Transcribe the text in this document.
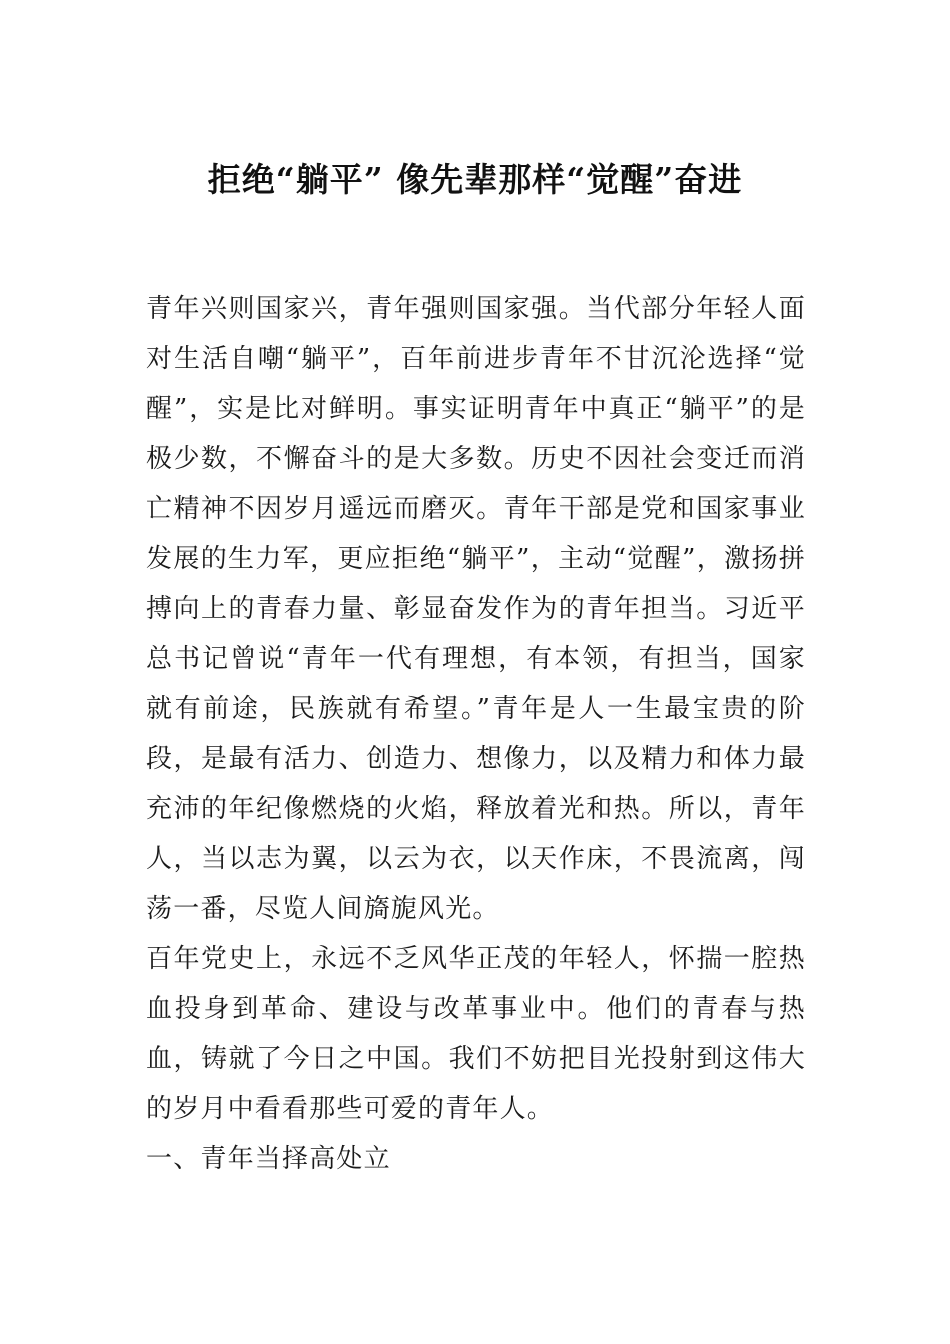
拒绝“躺平” 像先辈那样“觉醒”奋进

青年兴则国家兴，青年强则国家强。当代部分年轻人面对生活自嘲“躺平”，百年前进步青年不甘沉沦选择“觉醒”，实是比对鲜明。事实证明青年中真正“躺平”的是极少数，不懈奋斗的是大多数。历史不因社会变迁而消亡精神不因岁月遥远而磨灭。青年干部是党和国家事业发展的生力军，更应拒绝“躺平”，主动“觉醒”，激扬拼搏向上的青春力量、彰显奋发作为的青年担当。习近平总书记曾说“青年一代有理想，有本领，有担当，国家就有前途，民族就有希望。”青年是人一生最宝贵的阶段，是最有活力、创造力、想像力，以及精力和体力最充沛的年纪像燃烧的火焰，释放着光和热。所以，青年人，当以志为翼，以云为衣，以天作床，不畏流离，闯荡一番，尽览人间旖旎风光。

百年党史上，永远不乏风华正茂的年轻人，怀揣一腔热血投身到革命、建设与改革事业中。他们的青春与热血，铸就了今日之中国。我们不妨把目光投射到这伟大的岁月中看看那些可爱的青年人。

一、青年当择高处立
